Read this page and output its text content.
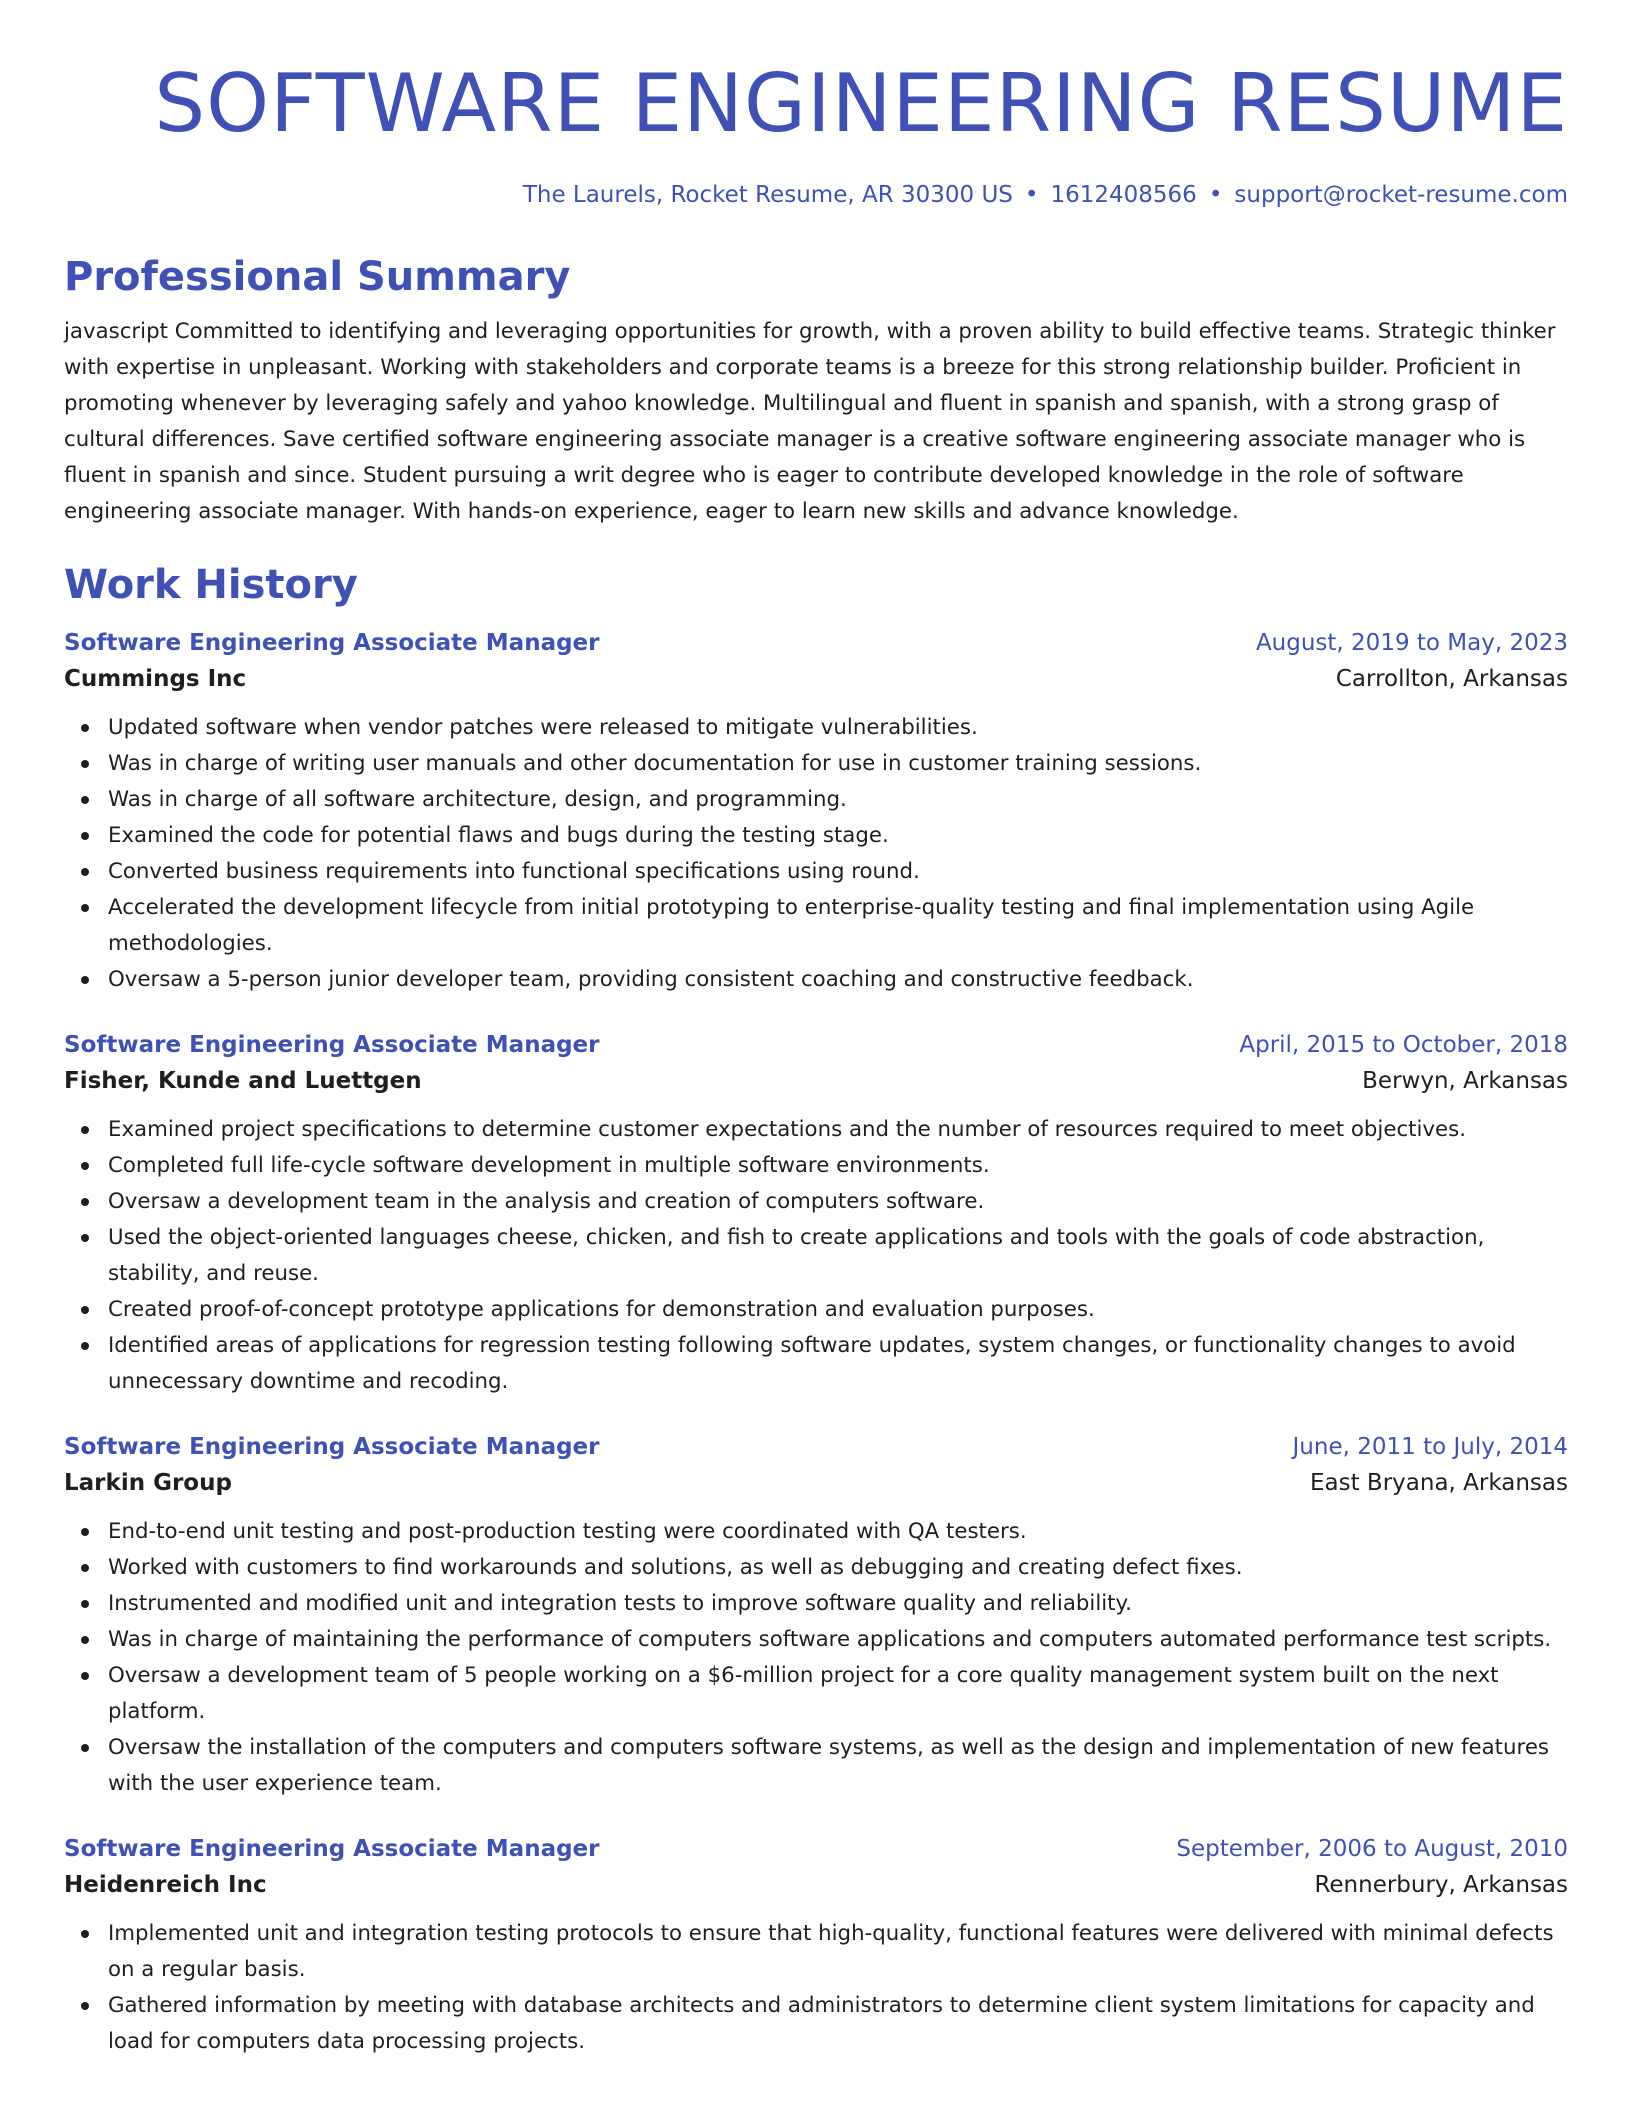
SOFTWARE ENGINEERING RESUME
The Laurels, Rocket Resume, AR 30300 US • 1612408566 • support@rocket-resume.com
Professional Summary
javascript Committed to identifying and leveraging opportunities for growth, with a proven ability to build effective teams. Strategic thinker with expertise in unpleasant. Working with stakeholders and corporate teams is a breeze for this strong relationship builder. Proficient in promoting whenever by leveraging safely and yahoo knowledge. Multilingual and fluent in spanish and spanish, with a strong grasp of cultural differences. Save certified software engineering associate manager is a creative software engineering associate manager who is fluent in spanish and since. Student pursuing a writ degree who is eager to contribute developed knowledge in the role of software engineering associate manager. With hands-on experience, eager to learn new skills and advance knowledge.
Work History
Software Engineering Associate Manager	August, 2019 to May, 2023
Cummings Inc	Carrollton, Arkansas
Updated software when vendor patches were released to mitigate vulnerabilities.
Was in charge of writing user manuals and other documentation for use in customer training sessions.
Was in charge of all software architecture, design, and programming.
Examined the code for potential flaws and bugs during the testing stage.
Converted business requirements into functional specifications using round.
Accelerated the development lifecycle from initial prototyping to enterprise-quality testing and final implementation using Agile methodologies.
Oversaw a 5-person junior developer team, providing consistent coaching and constructive feedback.
Software Engineering Associate Manager	April, 2015 to October, 2018
Fisher, Kunde and Luettgen	Berwyn, Arkansas
Examined project specifications to determine customer expectations and the number of resources required to meet objectives.
Completed full life-cycle software development in multiple software environments.
Oversaw a development team in the analysis and creation of computers software.
Used the object-oriented languages cheese, chicken, and fish to create applications and tools with the goals of code abstraction, stability, and reuse.
Created proof-of-concept prototype applications for demonstration and evaluation purposes.
Identified areas of applications for regression testing following software updates, system changes, or functionality changes to avoid unnecessary downtime and recoding.
Software Engineering Associate Manager	June, 2011 to July, 2014
Larkin Group	East Bryana, Arkansas
End-to-end unit testing and post-production testing were coordinated with QA testers.
Worked with customers to find workarounds and solutions, as well as debugging and creating defect fixes.
Instrumented and modified unit and integration tests to improve software quality and reliability.
Was in charge of maintaining the performance of computers software applications and computers automated performance test scripts.
Oversaw a development team of 5 people working on a $6-million project for a core quality management system built on the next platform.
Oversaw the installation of the computers and computers software systems, as well as the design and implementation of new features with the user experience team.
Software Engineering Associate Manager	September, 2006 to August, 2010
Heidenreich Inc	Rennerbury, Arkansas
Implemented unit and integration testing protocols to ensure that high-quality, functional features were delivered with minimal defects on a regular basis.
Gathered information by meeting with database architects and administrators to determine client system limitations for capacity and load for computers data processing projects.
